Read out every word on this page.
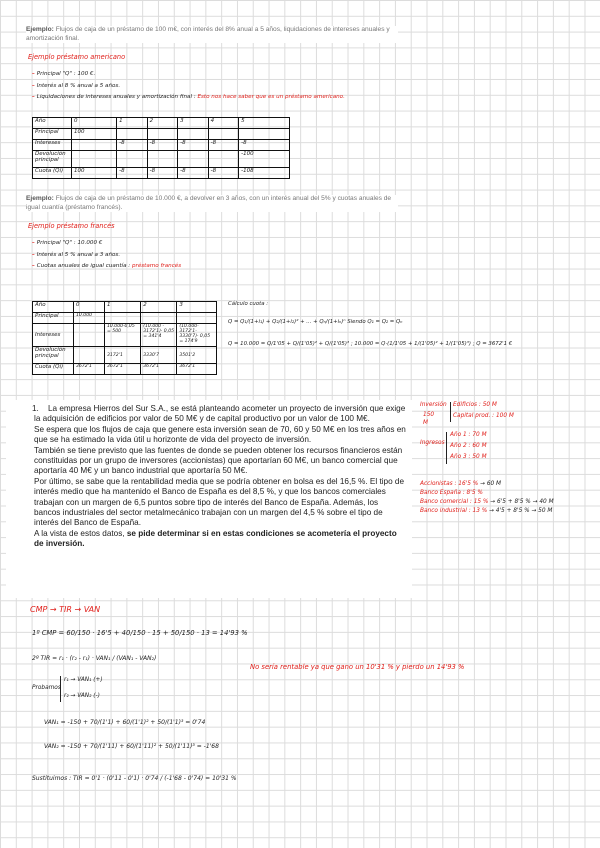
Ejemplo: Flujos de caja de un préstamo de 100 m€, con interés del 8% anual a 5 años, liquidaciones de intereses anuales y amortización final.
Ejemplo préstamo americano
– Principal "Q" : 100 €.
– Interés al 8 % anual a 5 años.
– Liquidaciones de intereses anuales y amortización final : Esto nos hace saber que es un préstamo americano.
Año	0	1	2	3	4	5
Principal	100					
Intereses		-8	-8	-8	-8	-8
Devolución principal						-100
Cuota (Qi)	100	-8	-8	-8	-8	-108
Ejemplo: Flujos de caja de un préstamo de 10.000 €, a devolver en 3 años, con un interés anual del 5% y cuotas anuales de igual cuantía (préstamo francés).
Ejemplo préstamo francés
– Principal "Q" : 10.000 €
– Interés al 5 % anual a 3 años.
– Cuotas anuales de igual cuantía : préstamo francés
Año	0	1	2	3
Principal	10.000			
Intereses		10.000·0,05 = 500	(10.000 - 3172'1)· 0,05 = 341'4	(10.000-3172'1-3330'7)· 0,05 = 174'9
Devolución principal		3172'1	3330'7	3501'2
Cuota (Qi)	3672'1	3672'1	3672'1	3672'1
Cálculo cuota :
Q = Q₁/(1+i₁) + Q₂/(1+i₂)² + ... + Qₙ/(1+iₙ)ⁿ Siendo Q₁ = Q₂ = Qₙ
Q = 10.000 = Q/1'05 + Q/(1'05)² + Q/(1'05)³ ; 10.000 = Q·(1/1'05 + 1/(1'05)² + 1/(1'05)³) ; Q = 3672'1 €
1.	La empresa Hierros del Sur S.A., se está planteando acometer un proyecto de inversión que exige la adquisición de edificios por valor de 50 M€ y de capital productivo por un valor de 100 M€.

Se espera que los flujos de caja que genere esta inversión sean de 70, 60 y 50 M€ en los tres años en que se ha estimado la vida útil u horizonte de vida del proyecto de inversión.

También se tiene previsto que las fuentes de donde se pueden obtener los recursos financieros están constituidas por un grupo de inversores (accionistas) que aportarían 60 M€, un banco comercial que aportaría 40 M€ y un banco industrial que aportaría 50 M€.

Por último, se sabe que la rentabilidad media que se podría obtener en bolsa es del 16,5 %. El tipo de interés medio que ha mantenido el Banco de España es del 8,5 %, y que los bancos comerciales trabajan con un margen de 6,5 puntos sobre tipo de interés del Banco de España. Además, los bancos industriales del sector metalmecánico trabajan con un margen del 4,5 % sobre el tipo de interés del Banco de España.

A la vista de estos datos, se pide determinar si en estas condiciones se acometería el proyecto de inversión.

Inversión
150 M
Edificios : 50 M
Capital prod. : 100 M
Ingresos
Año 1 : 70 M
Año 2 : 60 M
Año 3 : 50 M
Accionistas : 16'5 % → 60 M
Banco España : 8'5 %
Banco comercial : 15 % → 6'5 + 8'5 % → 40 M
Banco industrial : 13 % → 4'5 + 8'5 % → 50 M
CMP → TIR → VAN
1º CMP = 60/150 · 16'5 + 40/150 · 15 + 50/150 · 13 = 14'93 %
2º TIR = r₁ · (r₂ - r₁) · VAN₁ / (VAN₁ - VAN₂)
Probamos
r₁ → VAN₁ (+)
r₂ → VAN₂ (-)
VAN₁ = -150 + 70/(1'1) + 60/(1'1)² + 50/(1'1)³ = 0'74
VAN₂ = -150 + 70/(1'11) + 60/(1'11)² + 50/(1'11)³ = -1'68
Sustituimos : TIR = 0'1 · (0'11 - 0'1) · 0'74 / (-1'68 - 0'74) = 10'31 %
No sería rentable ya que gano un 10'31 % y pierdo un 14'93 %
